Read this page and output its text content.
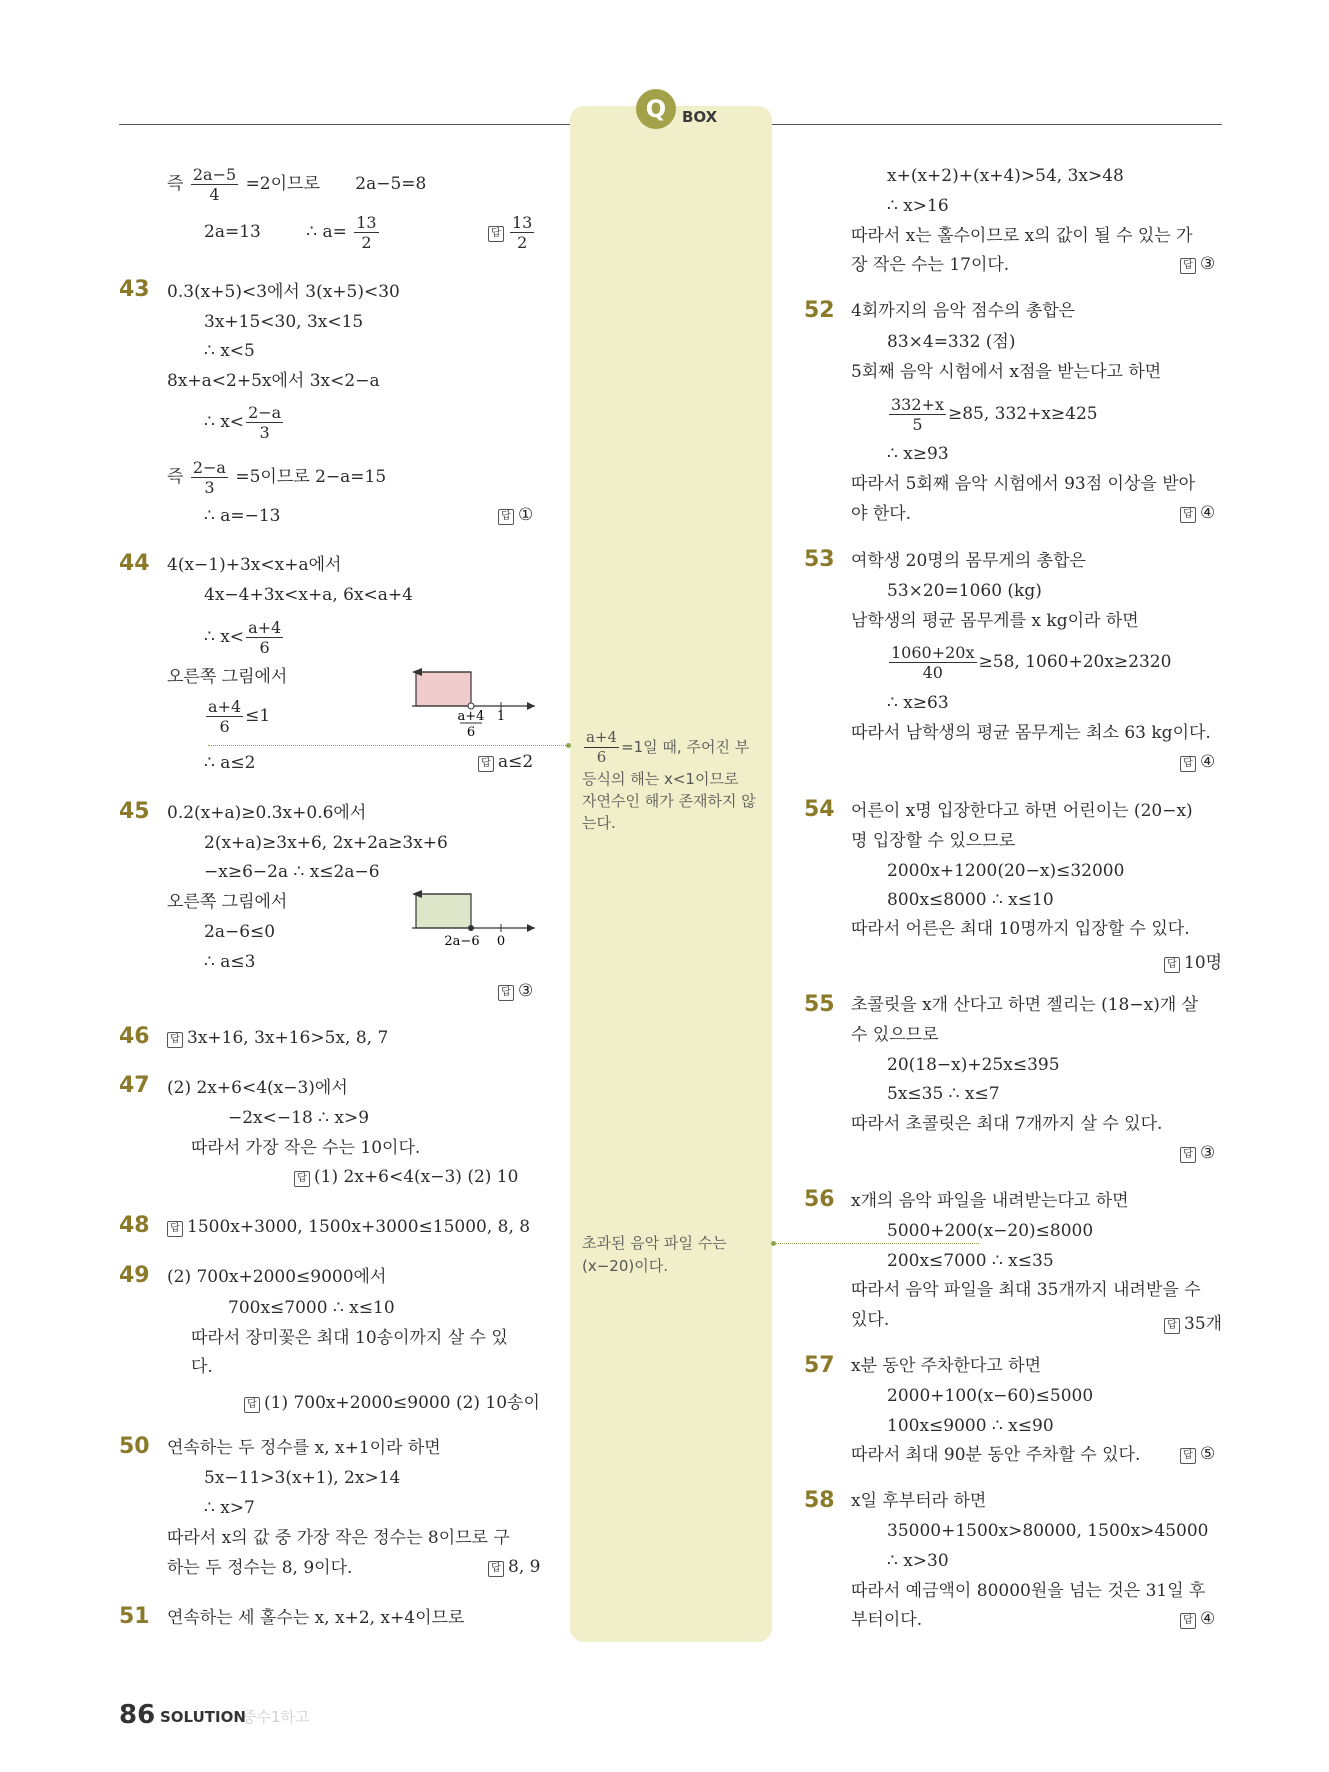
Q	BOX
즉 $\frac{2a-5}{4} =2$이므로 2a−5=8
2a=13	∴ $a= \frac{13}{2}$	답 $\frac{13}{2}$
43 0.3(x+5)<3에서 3(x+5)<30
3x+15<30, 3x<15
∴ x<5
8x+a<2+5x에서 3x<2−a
∴ $x< \frac{2-a}{3}$
즉 $\frac{2-a}{3} =5$이므로 2−a=15
∴ a=−13	답 ①
44 4(x−1)+3x<x+a에서
4x−4+3x<x+a, 6x<a+4
∴ $x< \frac{a+4}{6}$
오른쪽 그림에서
$\frac{a+4}{6} \le 1$
∴ a≤2	답 a≤2
a+4
6
1
45 0.2(x+a)≥0.3x+0.6에서
2(x+a)≥3x+6, 2x+2a≥3x+6
−x≥6−2a ∴ x≤2a−6
오른쪽 그림에서
2a−6≤0
∴ a≤3
답 ③
2a−6 0
46	답 3x+16, 3x+16>5x, 8, 7
47 (2) 2x+6<4(x−3)에서
−2x<−18 ∴ x>9
따라서 가장 작은 수는 10이다.
답 (1) 2x+6<4(x−3) (2) 10
48	답 1500x+3000, 1500x+3000≤15000, 8, 8
49 (2) 700x+2000≤9000에서
700x≤7000 ∴ x≤10
따라서 장미꽃은 최대 10송이까지 살 수 있
다.
답 (1) 700x+2000≤9000 (2) 10송이
50 연속하는 두 정수를 x, x+1이라 하면
5x−11>3(x+1), 2x>14
∴ x>7
따라서 x의 값 중 가장 작은 정수는 8이므로 구
하는 두 정수는 8, 9이다.	답 8, 9
51 연속하는 세 홀수는 x, x+2, x+4이므로
$\frac{a+4}{6} =1$일 때, 주어진 부
등식의 해는 x<1이므로
자연수인 해가 존재하지 않
는다.
초과된 음악 파일 수는
(x−20)이다.
x+(x+2)+(x+4)>54, 3x>48
∴ x>16
따라서 x는 홀수이므로 x의 값이 될 수 있는 가
장 작은 수는 17이다.	답 ③
52 4회까지의 음악 점수의 총합은
83×4=332 (점)
5회째 음악 시험에서 x점을 받는다고 하면
$\frac{332+x}{5} \ge 85$, 332+x≥425
∴ x≥93
따라서 5회째 음악 시험에서 93점 이상을 받아
야 한다.	답 ④
53 여학생 20명의 몸무게의 총합은
53×20=1060 (kg)
남학생의 평균 몸무게를 x kg이라 하면
$\frac{1060+20x}{40} \ge 58$, 1060+20x≥2320
∴ x≥63
따라서 남학생의 평균 몸무게는 최소 63 kg이다.
답 ④
54 어른이 x명 입장한다고 하면 어린이는 (20−x)
명 입장할 수 있으므로
2000x+1200(20−x)≤32000
800x≤8000 ∴ x≤10
따라서 어른은 최대 10명까지 입장할 수 있다.
답 10명
55 초콜릿을 x개 산다고 하면 젤리는 (18−x)개 살
수 있으므로
20(18−x)+25x≤395
5x≤35 ∴ x≤7
따라서 초콜릿은 최대 7개까지 살 수 있다.
답 ③
56 x개의 음악 파일을 내려받는다고 하면
5000+200(x−20)≤8000
200x≤7000 ∴ x≤35
따라서 음악 파일을 최대 35개까지 내려받을 수
있다.	답 35개
57 x분 동안 주차한다고 하면
2000+100(x−60)≤5000
100x≤9000 ∴ x≤90
따라서 최대 90분 동안 주차할 수 있다.	답 ⑤
58 x일 후부터라 하면
35000+1500x>80000, 1500x>45000
∴ x>30
따라서 예금액이 80000원을 넘는 것은 31일 후
부터이다.	답 ④
86	중수1하고
SOLUTION
